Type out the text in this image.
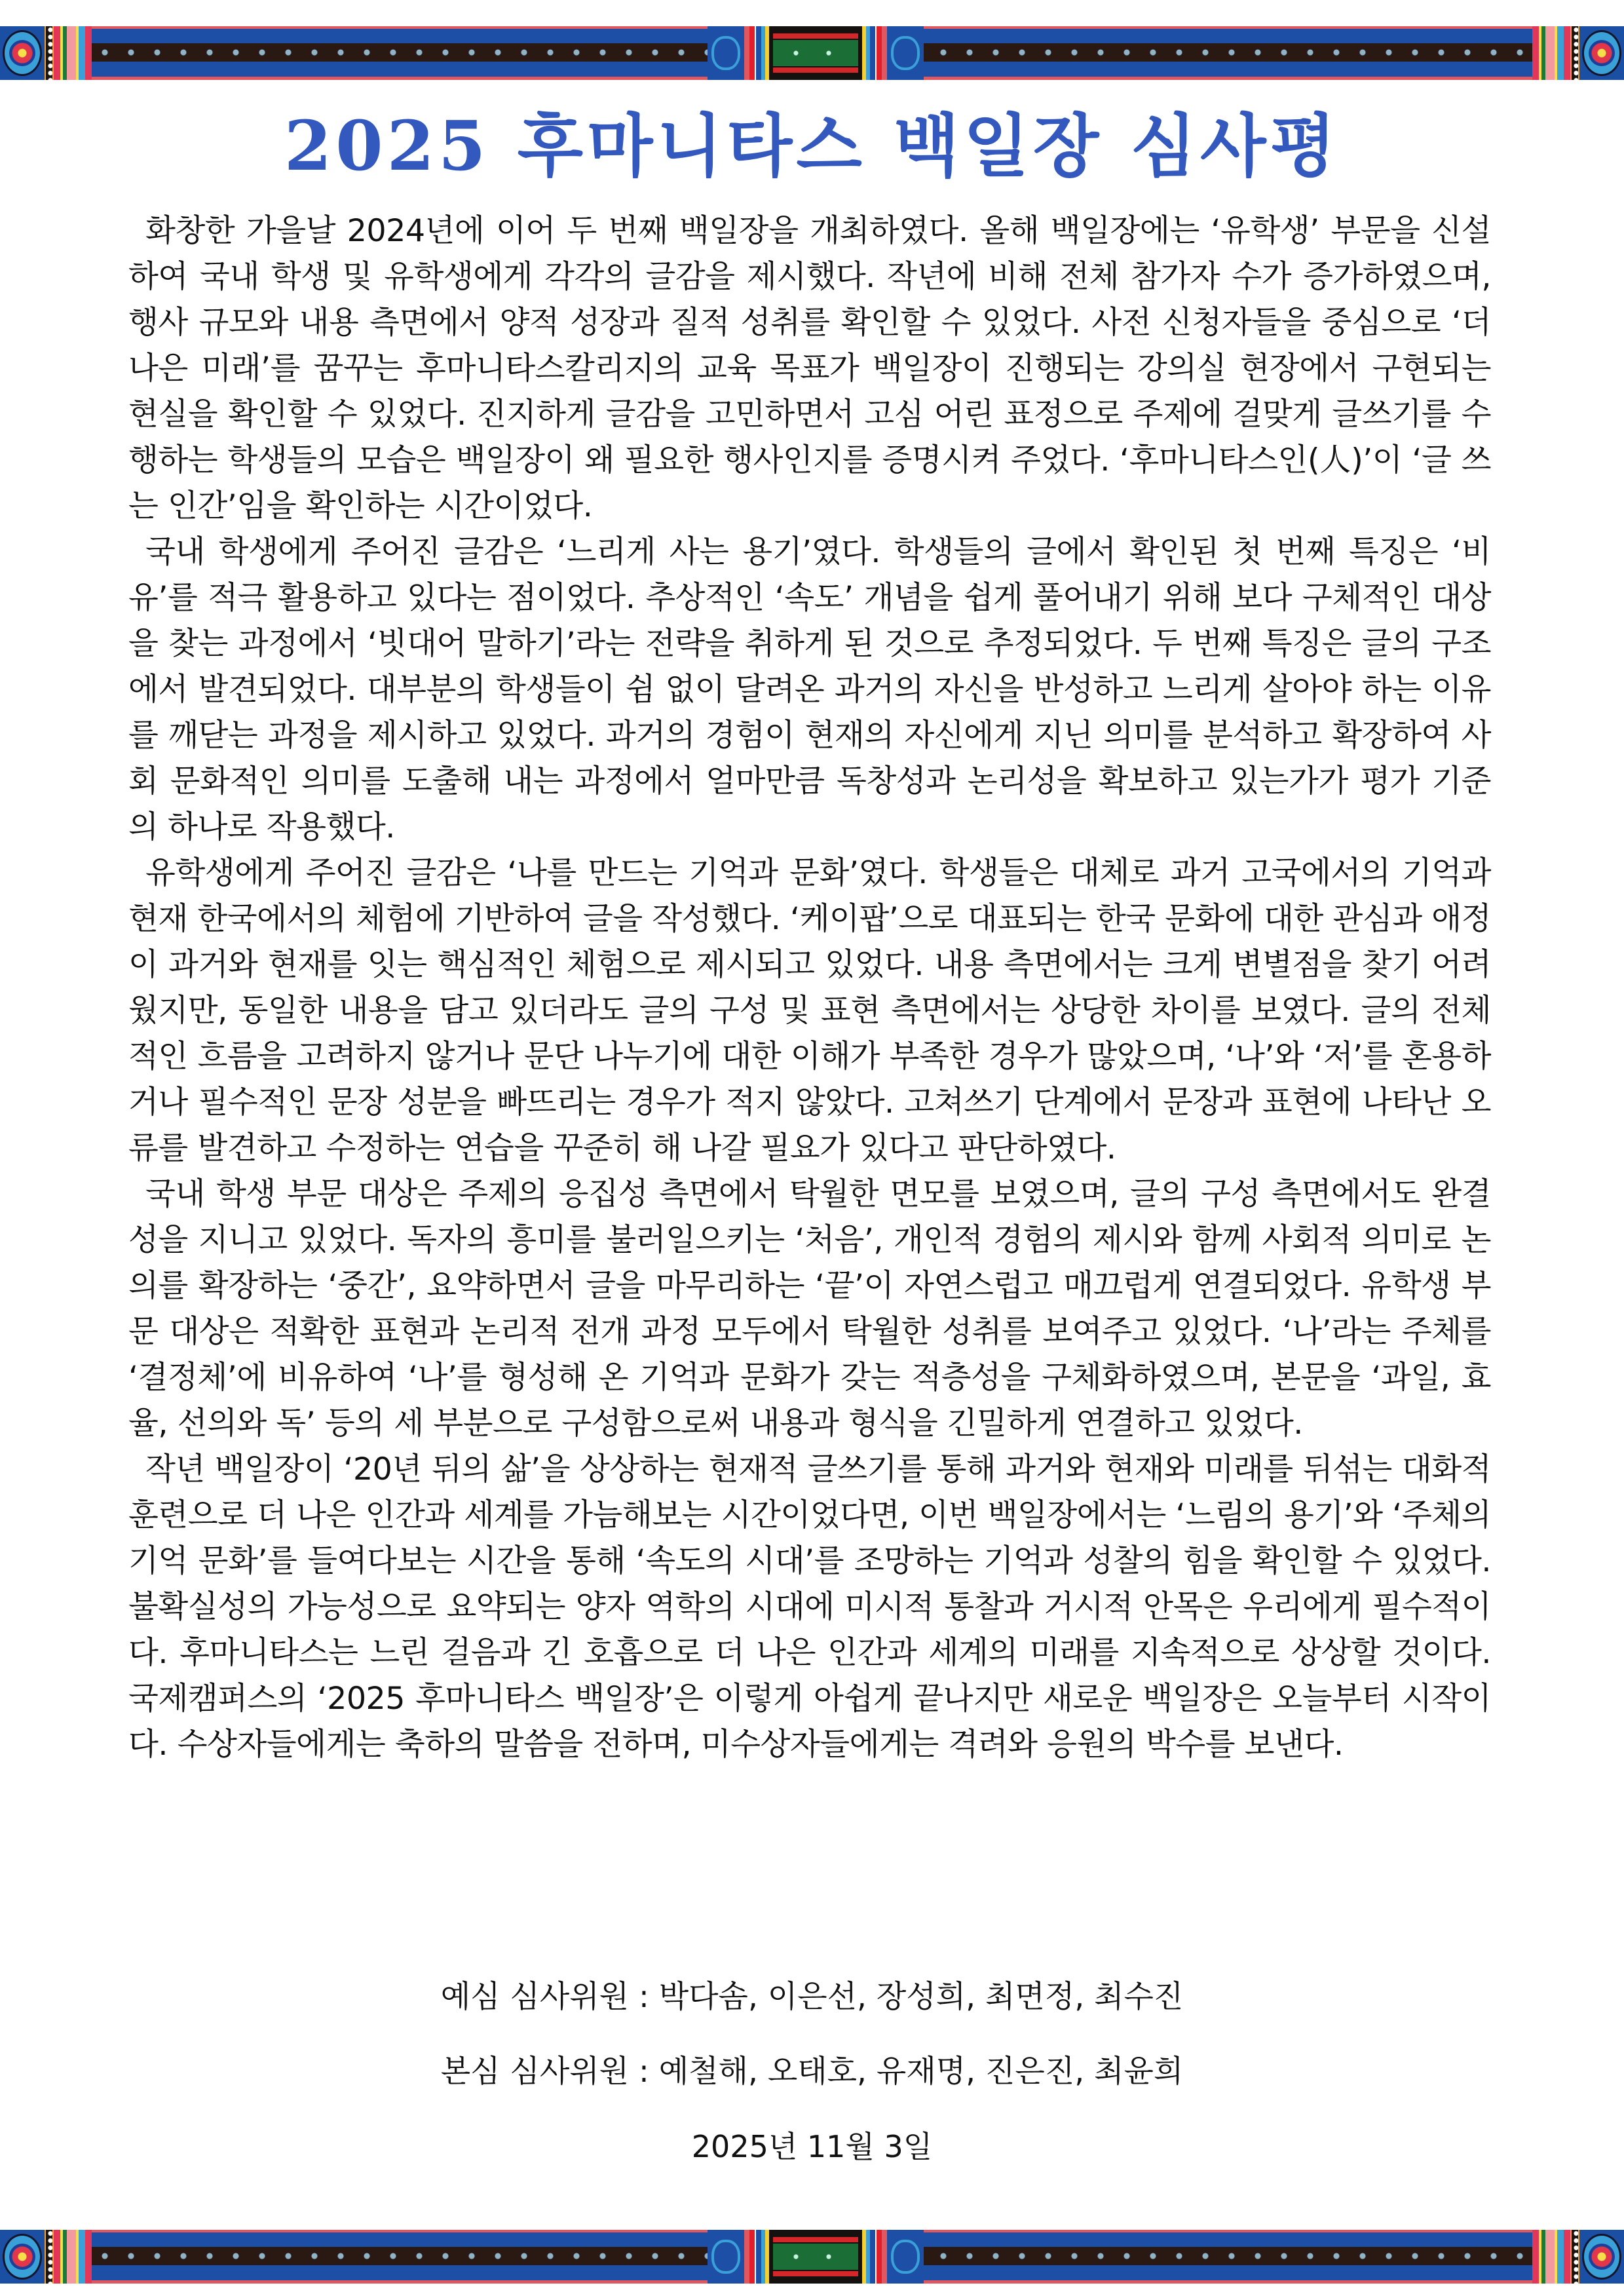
2025 후마니타스 백일장 심사평

화창한 가을날 2024년에 이어 두 번째 백일장을 개최하였다. 올해 백일장에는 ‘유학생’ 부문을 신설하여 국내 학생 및 유학생에게 각각의 글감을 제시했다. 작년에 비해 전체 참가자 수가 증가하였으며, 행사 규모와 내용 측면에서 양적 성장과 질적 성취를 확인할 수 있었다. 사전 신청자들을 중심으로 ‘더 나은 미래’를 꿈꾸는 후마니타스칼리지의 교육 목표가 백일장이 진행되는 강의실 현장에서 구현되는 현실을 확인할 수 있었다. 진지하게 글감을 고민하면서 고심 어린 표정으로 주제에 걸맞게 글쓰기를 수행하는 학생들의 모습은 백일장이 왜 필요한 행사인지를 증명시켜 주었다. ‘후마니타스인(人)’이 ‘글 쓰는 인간’임을 확인하는 시간이었다.

국내 학생에게 주어진 글감은 ‘느리게 사는 용기’였다. 학생들의 글에서 확인된 첫 번째 특징은 ‘비유’를 적극 활용하고 있다는 점이었다. 추상적인 ‘속도’ 개념을 쉽게 풀어내기 위해 보다 구체적인 대상을 찾는 과정에서 ‘빗대어 말하기’라는 전략을 취하게 된 것으로 추정되었다. 두 번째 특징은 글의 구조에서 발견되었다. 대부분의 학생들이 쉼 없이 달려온 과거의 자신을 반성하고 느리게 살아야 하는 이유를 깨닫는 과정을 제시하고 있었다. 과거의 경험이 현재의 자신에게 지닌 의미를 분석하고 확장하여 사회 문화적인 의미를 도출해 내는 과정에서 얼마만큼 독창성과 논리성을 확보하고 있는가가 평가 기준의 하나로 작용했다.

유학생에게 주어진 글감은 ‘나를 만드는 기억과 문화’였다. 학생들은 대체로 과거 고국에서의 기억과 현재 한국에서의 체험에 기반하여 글을 작성했다. ‘케이팝’으로 대표되는 한국 문화에 대한 관심과 애정이 과거와 현재를 잇는 핵심적인 체험으로 제시되고 있었다. 내용 측면에서는 크게 변별점을 찾기 어려웠지만, 동일한 내용을 담고 있더라도 글의 구성 및 표현 측면에서는 상당한 차이를 보였다. 글의 전체적인 흐름을 고려하지 않거나 문단 나누기에 대한 이해가 부족한 경우가 많았으며, ‘나’와 ‘저’를 혼용하거나 필수적인 문장 성분을 빠뜨리는 경우가 적지 않았다. 고쳐쓰기 단계에서 문장과 표현에 나타난 오류를 발견하고 수정하는 연습을 꾸준히 해 나갈 필요가 있다고 판단하였다.

국내 학생 부문 대상은 주제의 응집성 측면에서 탁월한 면모를 보였으며, 글의 구성 측면에서도 완결성을 지니고 있었다. 독자의 흥미를 불러일으키는 ‘처음’, 개인적 경험의 제시와 함께 사회적 의미로 논의를 확장하는 ‘중간’, 요약하면서 글을 마무리하는 ‘끝’이 자연스럽고 매끄럽게 연결되었다. 유학생 부문 대상은 적확한 표현과 논리적 전개 과정 모두에서 탁월한 성취를 보여주고 있었다. ‘나’라는 주체를 ‘결정체’에 비유하여 ‘나’를 형성해 온 기억과 문화가 갖는 적층성을 구체화하였으며, 본문을 ‘과일, 효율, 선의와 독’ 등의 세 부분으로 구성함으로써 내용과 형식을 긴밀하게 연결하고 있었다.

작년 백일장이 ‘20년 뒤의 삶’을 상상하는 현재적 글쓰기를 통해 과거와 현재와 미래를 뒤섞는 대화적 훈련으로 더 나은 인간과 세계를 가늠해보는 시간이었다면, 이번 백일장에서는 ‘느림의 용기’와 ‘주체의 기억 문화’를 들여다보는 시간을 통해 ‘속도의 시대’를 조망하는 기억과 성찰의 힘을 확인할 수 있었다. 불확실성의 가능성으로 요약되는 양자 역학의 시대에 미시적 통찰과 거시적 안목은 우리에게 필수적이다. 후마니타스는 느린 걸음과 긴 호흡으로 더 나은 인간과 세계의 미래를 지속적으로 상상할 것이다. 국제캠퍼스의 ‘2025 후마니타스 백일장’은 이렇게 아쉽게 끝나지만 새로운 백일장은 오늘부터 시작이다. 수상자들에게는 축하의 말씀을 전하며, 미수상자들에게는 격려와 응원의 박수를 보낸다.

예심 심사위원 : 박다솜, 이은선, 장성희, 최면정, 최수진
본심 심사위원 : 예철해, 오태호, 유재명, 진은진, 최윤희
2025년 11월 3일
